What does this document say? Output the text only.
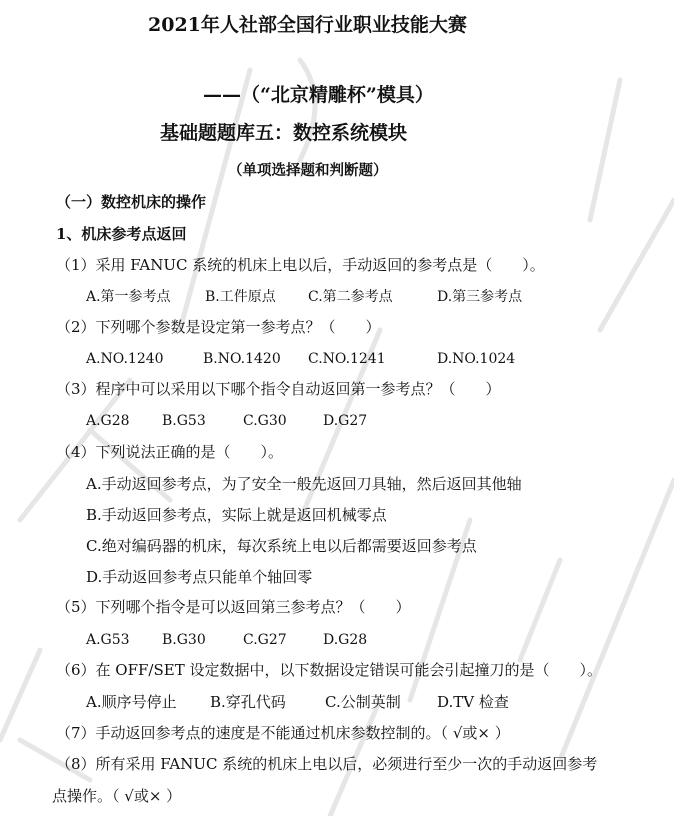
2021年人社部全国行业职业技能大赛
——（“北京精雕杯”模具）
基础题题库五：数控系统模块
（单项选择题和判断题）
（一）数控机床的操作
1、机床参考点返回
（1）采用 FANUC 系统的机床上电以后，手动返回的参考点是（　　）。
A.第一参考点 B.工件原点 C.第二参考点	D.第三参考点
（2）下列哪个参数是设定第一参考点？（　　）
A.NO.1240	B.NO.1420 C.NO.1241	D.NO.1024
（3）程序中可以采用以下哪个指令自动返回第一参考点？（　　）
A.G28 B.G53	C.G30	D.G27
（4）下列说法正确的是（　　）。
A.手动返回参考点，为了安全一般先返回刀具轴，然后返回其他轴
B.手动返回参考点，实际上就是返回机械零点
C.绝对编码器的机床，每次系统上电以后都需要返回参考点
D.手动返回参考点只能单个轴回零
（5）下列哪个指令是可以返回第三参考点？（　　）
A.G53 B.G30	C.G27	D.G28
（6）在 OFF/SET 设定数据中，以下数据设定错误可能会引起撞刀的是（　　）。
A.顺序号停止 B.穿孔代码	C.公制英制 D.TV 检查
（7）手动返回参考点的速度是不能通过机床参数控制的。（ √或× ）
（8）所有采用 FANUC 系统的机床上电以后，必须进行至少一次的手动返回参考
点操作。（ √或× ）
